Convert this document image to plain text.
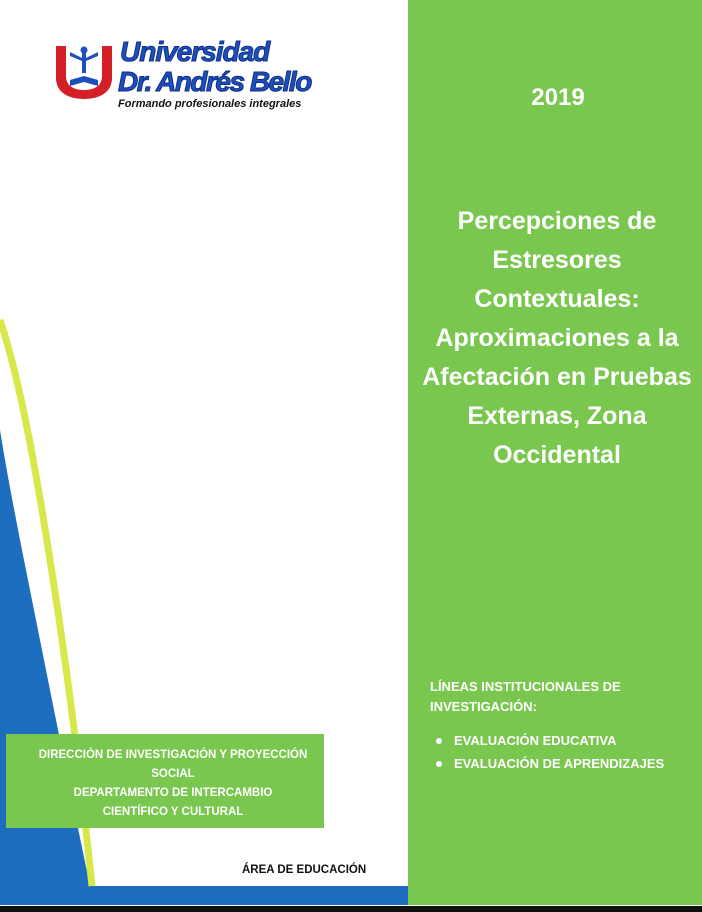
Universidad
Dr. Andrés Bello
Formando profesionales integrales	2019
Percepciones de Estresores Contextuales: Aproximaciones a la Afectación en Pruebas Externas, Zona Occidental
LÍNEAS INSTITUCIONALES DE INVESTIGACIÓN:
EVALUACIÓN EDUCATIVA
EVALUACIÓN DE APRENDIZAJES
DIRECCIÓN DE INVESTIGACIÓN Y PROYECCIÓN
SOCIAL
DEPARTAMENTO DE INTERCAMBIO
CIENTÍFICO Y CULTURAL
ÁREA DE EDUCACIÓN
